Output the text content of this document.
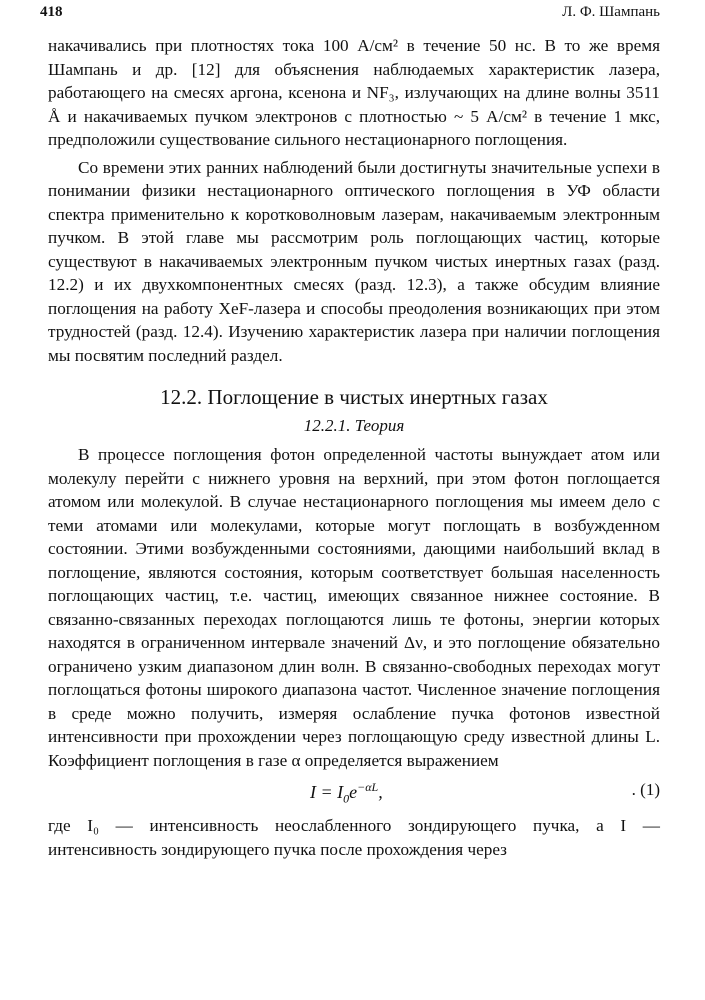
418	Л. Ф. Шампань

накачивались при плотностях тока 100 А/см² в течение 50 нс. В то же время Шампань и др. [12] для объяснения наблюдаемых характеристик лазера, работающего на смесях аргона, ксенона и NF₃, излучающих на длине волны 3511 Å и накачиваемых пучком электронов с плотностью ~ 5 А/см² в течение 1 мкс, предположили существование сильного нестационарного поглощения.

Со времени этих ранних наблюдений были достигнуты значительные успехи в понимании физики нестационарного оптического поглощения в УФ области спектра применительно к коротковолновым лазерам, накачиваемым электронным пучком. В этой главе мы рассмотрим роль поглощающих частиц, которые существуют в накачиваемых электронным пучком чистых инертных газах (разд. 12.2) и их двухкомпонентных смесях (разд. 12.3), а также обсудим влияние поглощения на работу XeF-лазера и способы преодоления возникающих при этом трудностей (разд. 12.4). Изучению характеристик лазера при наличии поглощения мы посвятим последний раздел.

12.2. Поглощение в чистых инертных газах
12.2.1. Теория

В процессе поглощения фотон определенной частоты вынуждает атом или молекулу перейти с нижнего уровня на верхний, при этом фотон поглощается атомом или молекулой. В случае нестационарного поглощения мы имеем дело с теми атомами или молекулами, которые могут поглощать в возбужденном состоянии. Этими возбужденными состояниями, дающими наибольший вклад в поглощение, являются состояния, которым соответствует большая населенность поглощающих частиц, т.е. частиц, имеющих связанное нижнее состояние. В связанно-связанных переходах поглощаются лишь те фотоны, энергии которых находятся в ограниченном интервале значений Δν, и это поглощение обязательно ограничено узким диапазоном длин волн. В связанно-свободных переходах могут поглощаться фотоны широкого диапазона частот. Численное значение поглощения в среде можно получить, измеряя ослабление пучка фотонов известной интенсивности при прохождении через поглощающую среду известной длины L. Коэффициент поглощения в газе α определяется выражением

$I = I_0e^{-\alpha L}$,	. (1)

где I₀ — интенсивность неослабленного зондирующего пучка, а I — интенсивность зондирующего пучка после прохождения через
